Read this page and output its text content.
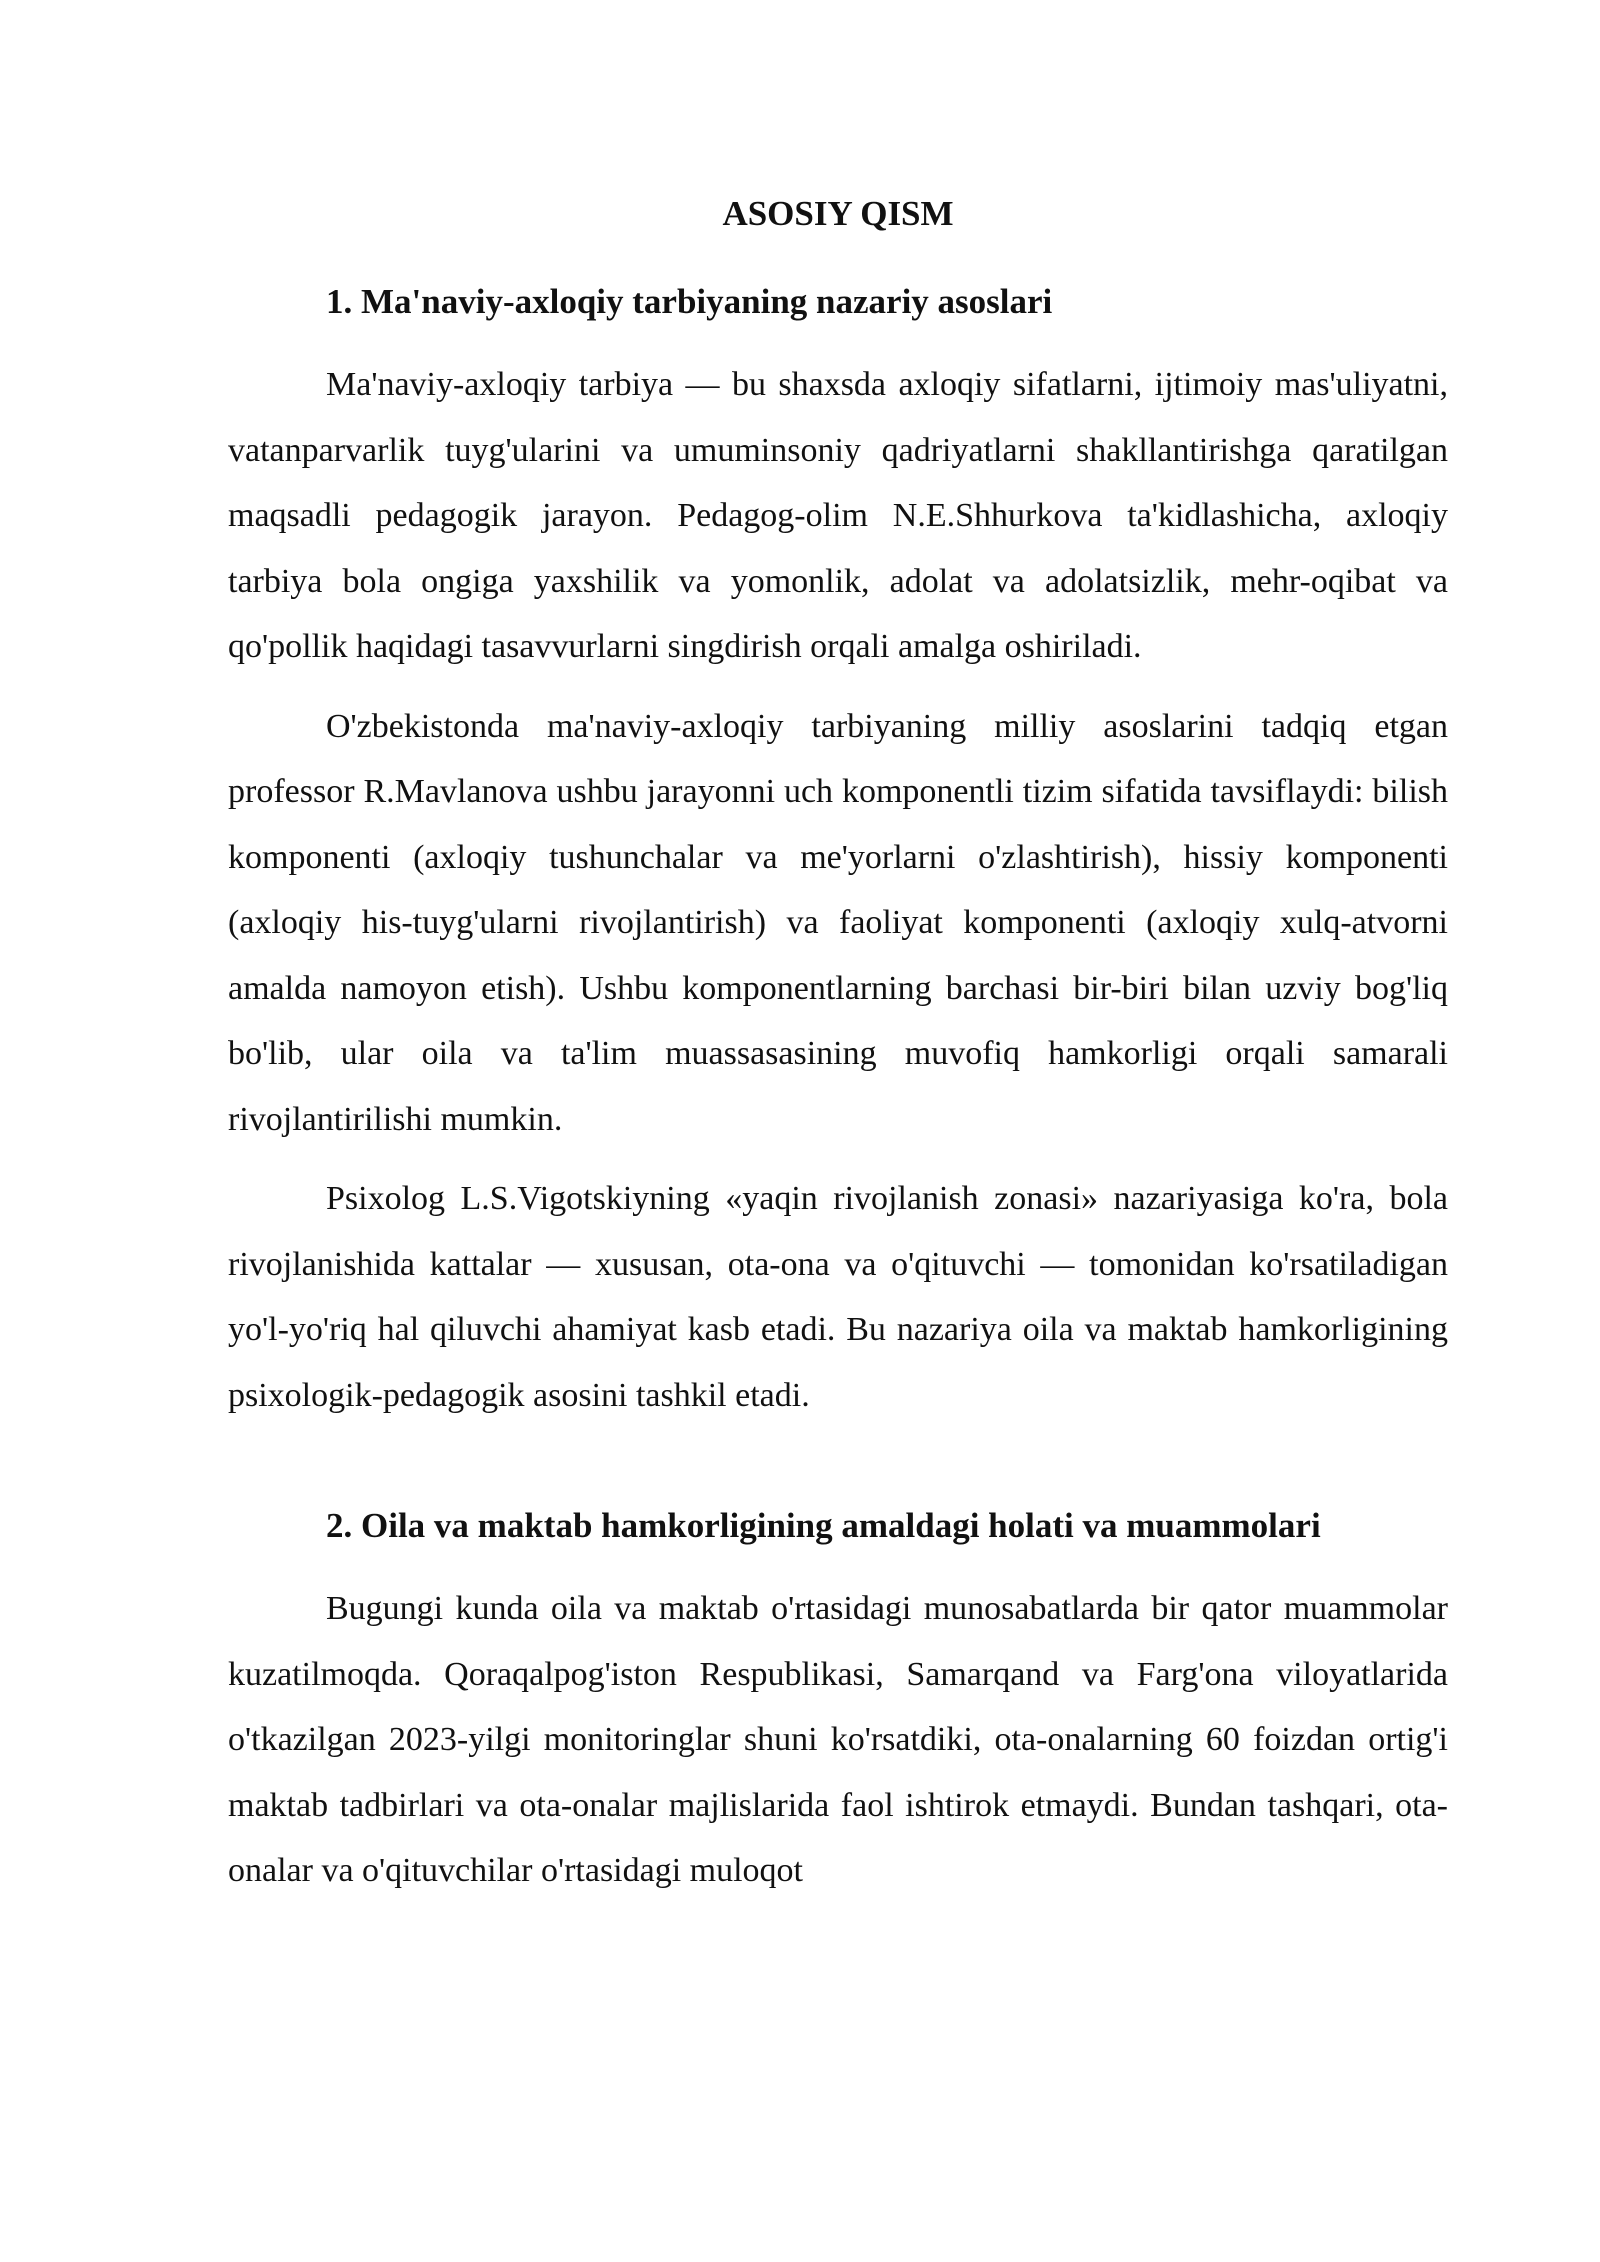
ASOSIY QISM
1. Ma'naviy-axloqiy tarbiyaning nazariy asoslari

Ma'naviy-axloqiy tarbiya — bu shaxsda axloqiy sifatlarni, ijtimoiy mas'uliyatni, vatanparvarlik tuyg'ularini va umuminsoniy qadriyatlarni shakllantirishga qaratilgan maqsadli pedagogik jarayon. Pedagog-olim N.E.Shhurkova ta'kidlashicha, axloqiy tarbiya bola ongiga yaxshilik va yomonlik, adolat va adolatsizlik, mehr-oqibat va qo'pollik haqidagi tasavvurlarni singdirish orqali amalga oshiriladi.

O'zbekistonda ma'naviy-axloqiy tarbiyaning milliy asoslarini tadqiq etgan professor R.Mavlanova ushbu jarayonni uch komponentli tizim sifatida tavsiflaydi: bilish komponenti (axloqiy tushunchalar va me'yorlarni o'zlashtirish), hissiy komponenti (axloqiy his-tuyg'ularni rivojlantirish) va faoliyat komponenti (axloqiy xulq-atvorni amalda namoyon etish). Ushbu komponentlarning barchasi bir-biri bilan uzviy bog'liq bo'lib, ular oila va ta'lim muassasasining muvofiq hamkorligi orqali samarali rivojlantirilishi mumkin.

Psixolog L.S.Vigotskiyning «yaqin rivojlanish zonasi» nazariyasiga ko'ra, bola rivojlanishida kattalar — xususan, ota-ona va o'qituvchi — tomonidan ko'rsatiladigan yo'l-yo'riq hal qiluvchi ahamiyat kasb etadi. Bu nazariya oila va maktab hamkorligining psixologik-pedagogik asosini tashkil etadi.

2. Oila va maktab hamkorligining amaldagi holati va muammolari

Bugungi kunda oila va maktab o'rtasidagi munosabatlarda bir qator muammolar kuzatilmoqda. Qoraqalpog'iston Respublikasi, Samarqand va Farg'ona viloyatlarida o'tkazilgan 2023-yilgi monitoringlar shuni ko'rsatdiki, ota-onalarning 60 foizdan ortig'i maktab tadbirlari va ota-onalar majlislarida faol ishtirok etmaydi. Bundan tashqari, ota-onalar va o'qituvchilar o'rtasidagi muloqot
